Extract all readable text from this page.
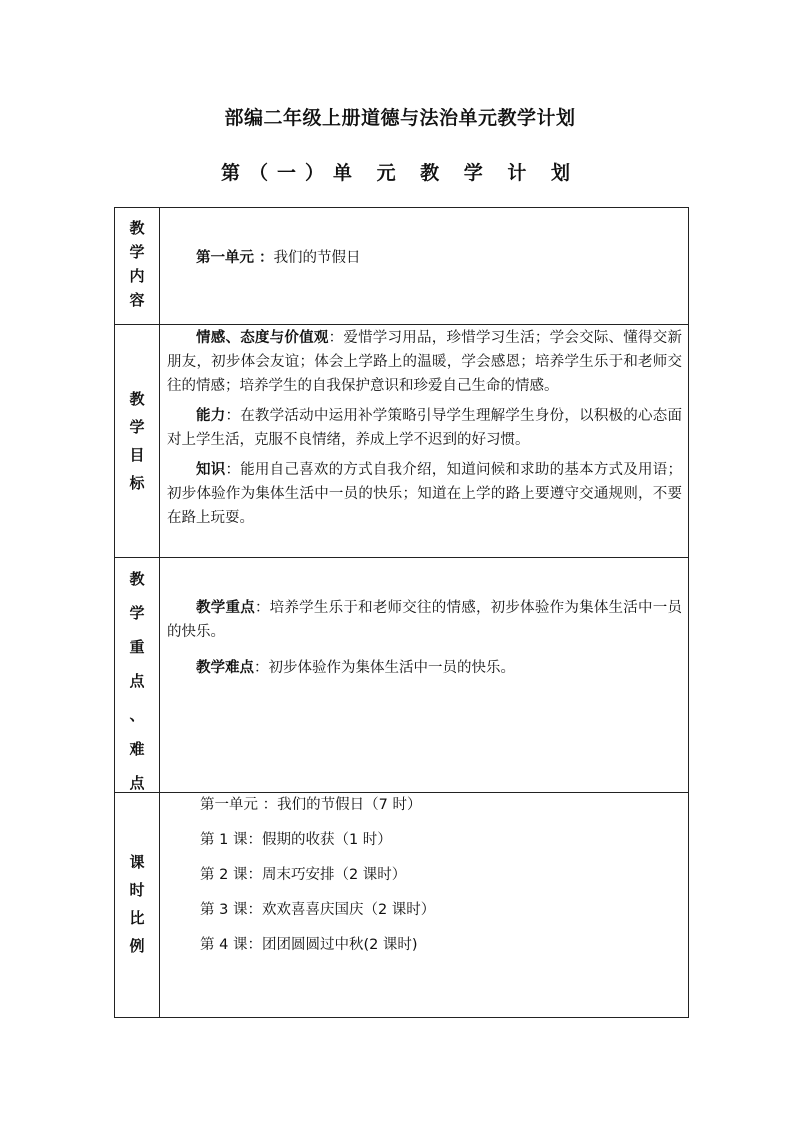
部编二年级上册道德与法治单元教学计划
第（一）单 元 教 学 计 划
教
学
内
容

第一单元 ：我们的节假日

教
学
目
标

情感、态度与价值观：爱惜学习用品，珍惜学习生活；学会交际、懂得交新朋友，初步体会友谊；体会上学路上的温暖，学会感恩；培养学生乐于和老师交往的情感；培养学生的自我保护意识和珍爱自己生命的情感。

能力：在教学活动中运用补学策略引导学生理解学生身份，以积极的心态面对上学生活，克服不良情绪，养成上学不迟到的好习惯。

知识：能用自己喜欢的方式自我介绍，知道问候和求助的基本方式及用语；初步体验作为集体生活中一员的快乐；知道在上学的路上要遵守交通规则，不要在路上玩耍。

教
学
重
点
、
难
点

教学重点：培养学生乐于和老师交往的情感，初步体验作为集体生活中一员的快乐。

教学难点：初步体验作为集体生活中一员的快乐。

课
时
比
例

第一单元 ：我们的节假日（7 时）

第 1 课：假期的收获（1 时）

第 2 课：周末巧安排（2 课时）

第 3 课：欢欢喜喜庆国庆（2 课时）

第 4 课：团团圆圆过中秋(2 课时)
